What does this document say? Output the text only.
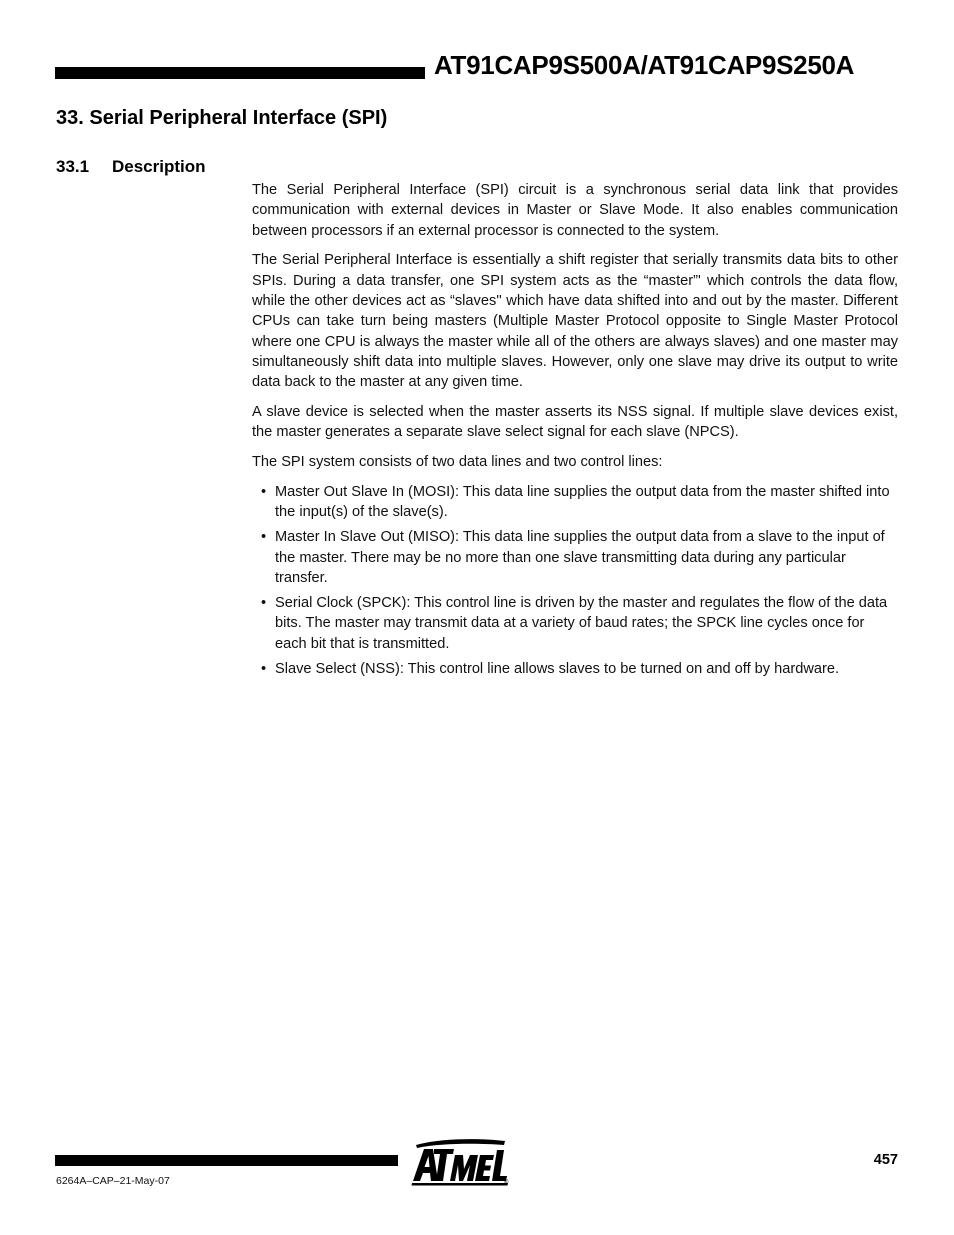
AT91CAP9S500A/AT91CAP9S250A
33. Serial Peripheral Interface (SPI)
33.1 Description

The Serial Peripheral Interface (SPI) circuit is a synchronous serial data link that provides communication with external devices in Master or Slave Mode. It also enables communication between processors if an external processor is connected to the system.

The Serial Peripheral Interface is essentially a shift register that serially transmits data bits to other SPIs. During a data transfer, one SPI system acts as the “master”' which controls the data flow, while the other devices act as “slaves'' which have data shifted into and out by the master. Different CPUs can take turn being masters (Multiple Master Protocol opposite to Single Master Protocol where one CPU is always the master while all of the others are always slaves) and one master may simultaneously shift data into multiple slaves. However, only one slave may drive its output to write data back to the master at any given time.

A slave device is selected when the master asserts its NSS signal. If multiple slave devices exist, the master generates a separate slave select signal for each slave (NPCS).

The SPI system consists of two data lines and two control lines:

• Master Out Slave In (MOSI): This data line supplies the output data from the master shifted into the input(s) of the slave(s).
• Master In Slave Out (MISO): This data line supplies the output data from a slave to the input of the master. There may be no more than one slave transmitting data during any particular transfer.
• Serial Clock (SPCK): This control line is driven by the master and regulates the flow of the data bits. The master may transmit data at a variety of baud rates; the SPCK line cycles once for each bit that is transmitted.
• Slave Select (NSS): This control line allows slaves to be turned on and off by hardware.
®
6264A–CAP–21-May-07
457
